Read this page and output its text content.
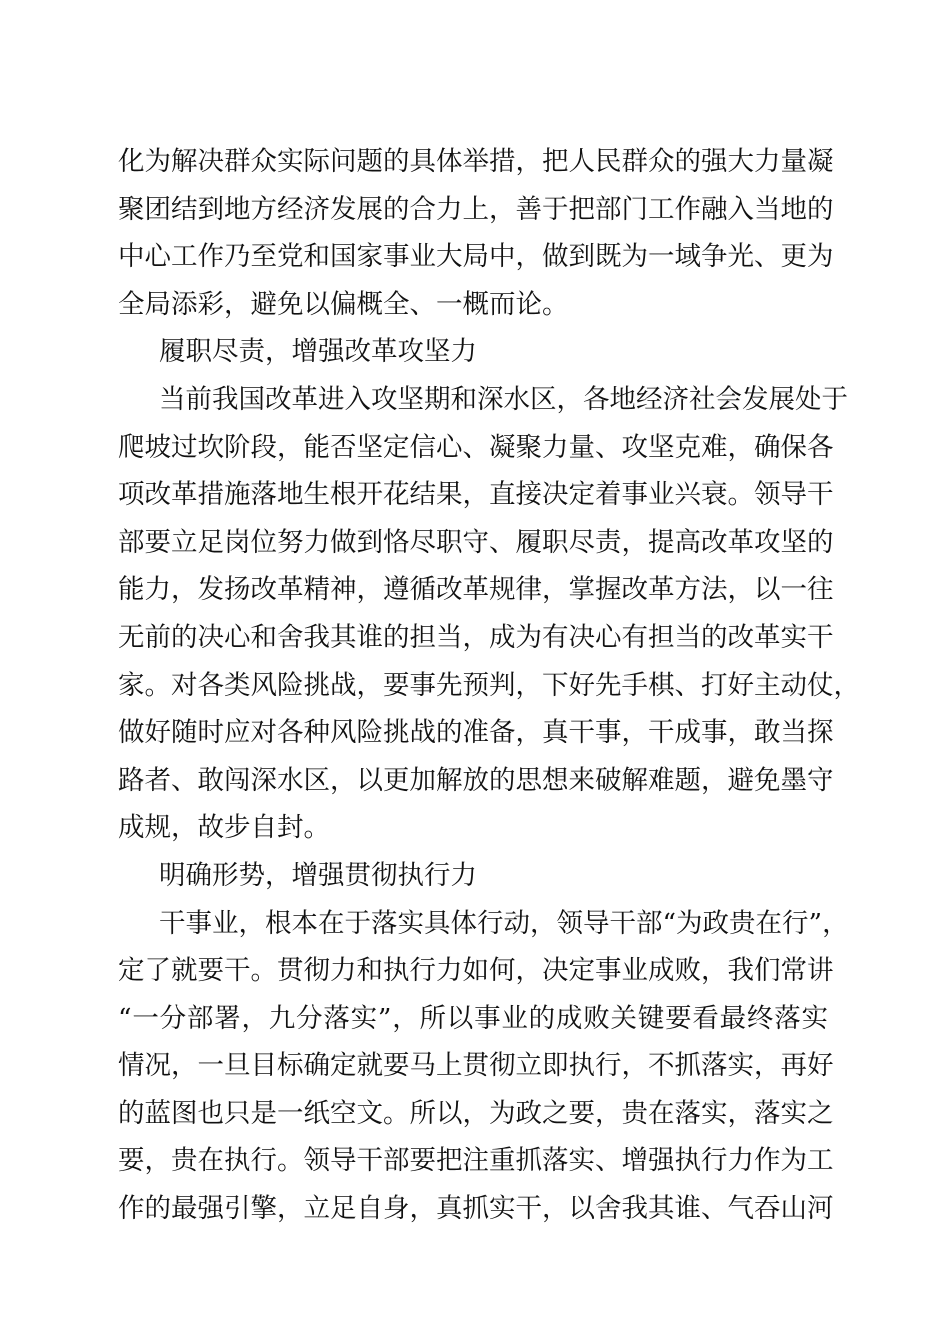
化为解决群众实际问题的具体举措，把人民群众的强大力量凝
聚团结到地方经济发展的合力上，善于把部门工作融入当地的
中心工作乃至党和国家事业大局中，做到既为一域争光、更为
全局添彩，避免以偏概全、一概而论。
履职尽责，增强改革攻坚力
当前我国改革进入攻坚期和深水区，各地经济社会发展处于
爬坡过坎阶段，能否坚定信心、凝聚力量、攻坚克难，确保各
项改革措施落地生根开花结果，直接决定着事业兴衰。领导干
部要立足岗位努力做到恪尽职守、履职尽责，提高改革攻坚的
能力，发扬改革精神，遵循改革规律，掌握改革方法，以一往
无前的决心和舍我其谁的担当，成为有决心有担当的改革实干
家。对各类风险挑战，要事先预判，下好先手棋、打好主动仗，
做好随时应对各种风险挑战的准备，真干事，干成事，敢当探
路者、敢闯深水区，以更加解放的思想来破解难题，避免墨守
成规，故步自封。
明确形势，增强贯彻执行力
干事业，根本在于落实具体行动，领导干部“为政贵在行”，
定了就要干。贯彻力和执行力如何，决定事业成败，我们常讲
“一分部署，九分落实”，所以事业的成败关键要看最终落实
情况，一旦目标确定就要马上贯彻立即执行，不抓落实，再好
的蓝图也只是一纸空文。所以，为政之要，贵在落实，落实之
要，贵在执行。领导干部要把注重抓落实、增强执行力作为工
作的最强引擎，立足自身，真抓实干，以舍我其谁、气吞山河
